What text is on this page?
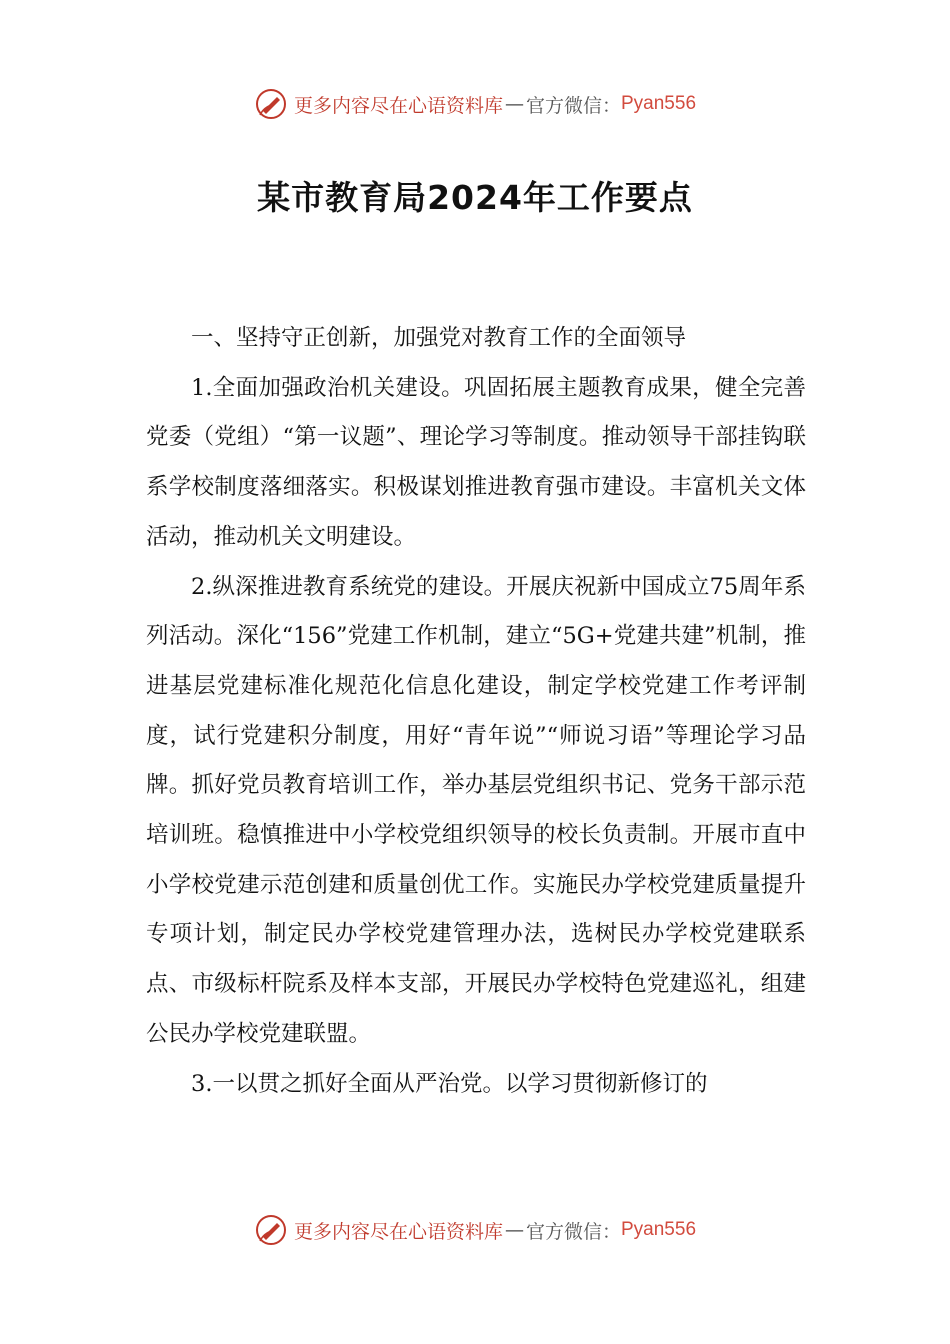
更多内容尽在心语资料库 — 官方微信： Pyan556
某市教育局2024年工作要点

一、坚持守正创新，加强党对教育工作的全面领导

1.全面加强政治机关建设。巩固拓展主题教育成果，健全完善党委（党组）“第一议题”、理论学习等制度。推动领导干部挂钩联系学校制度落细落实。积极谋划推进教育强市建设。丰富机关文体活动，推动机关文明建设。

2.纵深推进教育系统党的建设。开展庆祝新中国成立75周年系列活动。深化“156”党建工作机制，建立“5G+党建共建”机制，推进基层党建标准化规范化信息化建设，制定学校党建工作考评制度，试行党建积分制度，用好“青年说”“师说习语”等理论学习品牌。抓好党员教育培训工作，举办基层党组织书记、党务干部示范培训班。稳慎推进中小学校党组织领导的校长负责制。开展市直中小学校党建示范创建和质量创优工作。实施民办学校党建质量提升专项计划，制定民办学校党建管理办法，选树民办学校党建联系点、市级标杆院系及样本支部，开展民办学校特色党建巡礼，组建公民办学校党建联盟。

3.一以贯之抓好全面从严治党。以学习贯彻新修订的

更多内容尽在心语资料库 — 官方微信： Pyan556
